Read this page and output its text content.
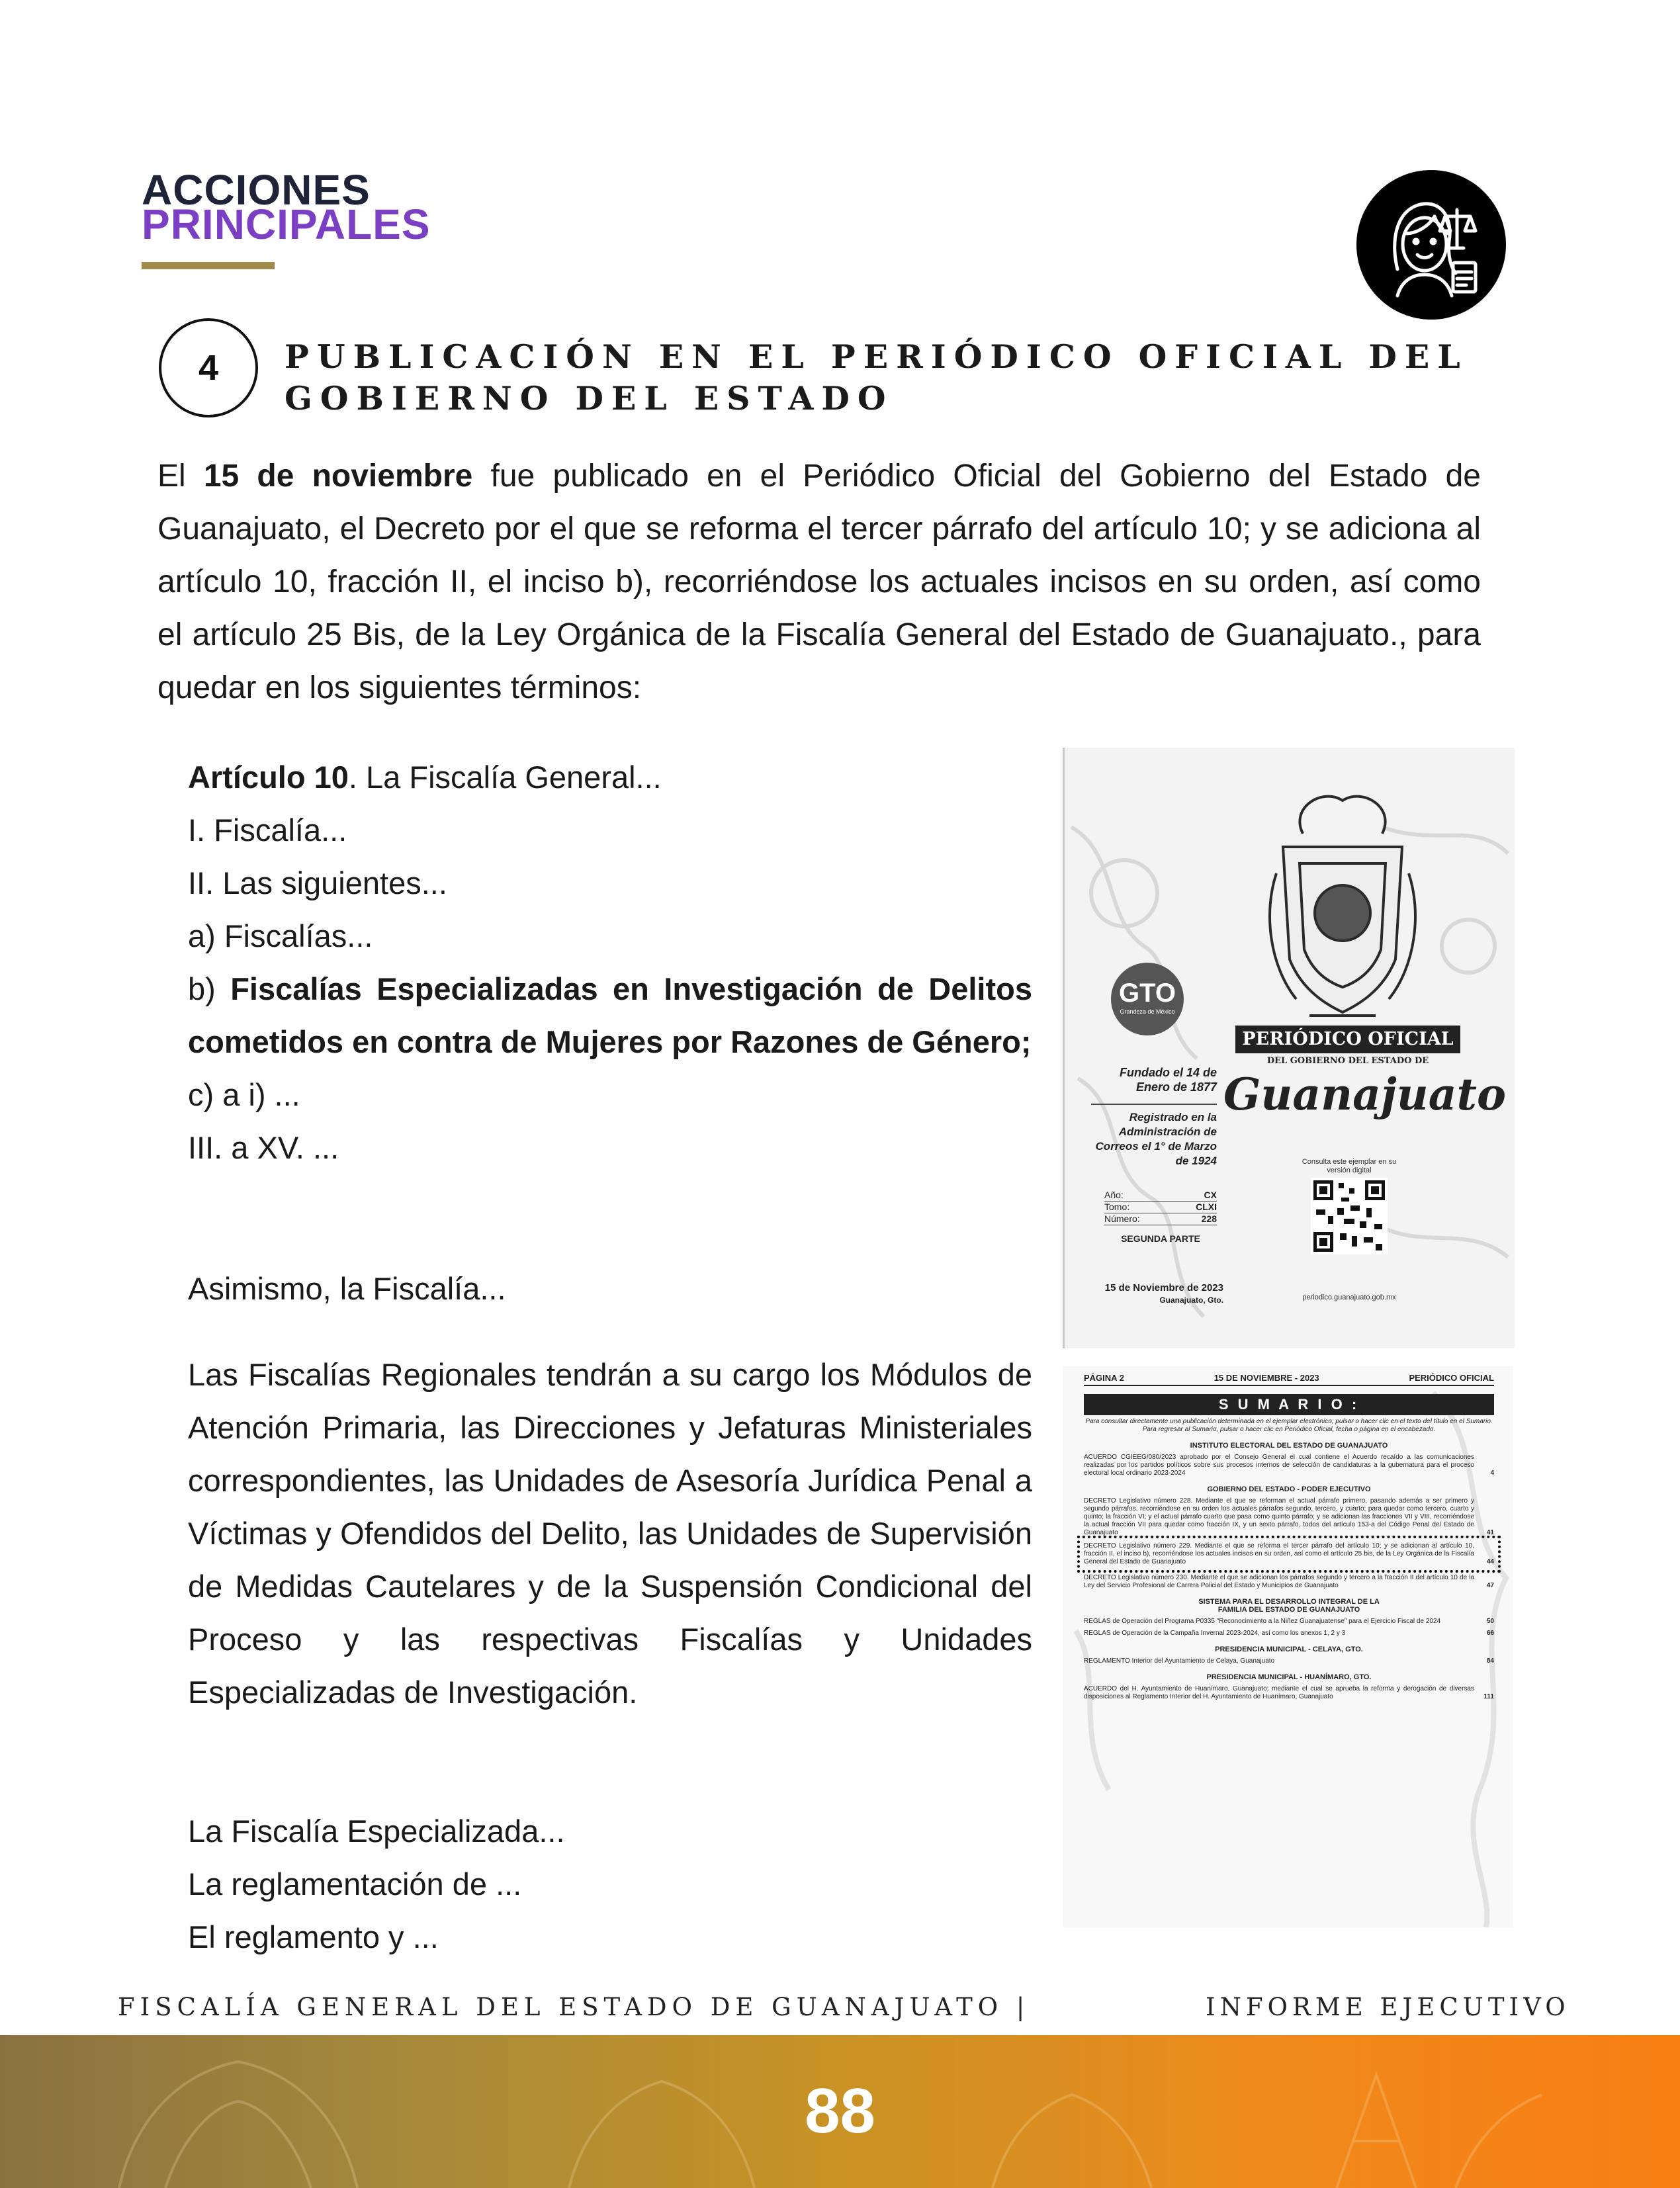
ACCIONES
PRINCIPALES
4	PUBLICACIÓN EN EL PERIÓDICO OFICIAL DEL GOBIERNO DEL ESTADO
El 15 de noviembre fue publicado en el Periódico Oficial del Gobierno del Estado de Guanajuato, el Decreto por el que se reforma el tercer párrafo del artículo 10; y se adiciona al artículo 10, fracción II, el inciso b), recorriéndose los actuales incisos en su orden, así como el artículo 25 Bis, de la Ley Orgánica de la Fiscalía General del Estado de Guanajuato., para quedar en los siguientes términos:

Artículo 10. La Fiscalía General...

I. Fiscalía...

II. Las siguientes...

a) Fiscalías...

b) Fiscalías Especializadas en Investigación de Delitos cometidos en contra de Mujeres por Razones de Género;

c) a i) ...

III. a XV. ...

Asimismo, la Fiscalía...
Las Fiscalías Regionales tendrán a su cargo los Módulos de Atención Primaria, las Direcciones y Jefaturas Ministeriales correspondientes, las Unidades de Asesoría Jurídica Penal a Víctimas y Ofendidos del Delito, las Unidades de Supervisión de Medidas Cautelares y de la Suspensión Condicional del Proceso y las respectivas Fiscalías y Unidades Especializadas de Investigación.

La Fiscalía Especializada...

La reglamentación de ...

El reglamento y ...

GTO
Grandeza de México
Fundado el 14 de Enero de 1877
Registrado en la Administración de Correos el 1° de Marzo de 1924
Año:	CX
Tomo:	CLXI
Número:	228
SEGUNDA PARTE
15 de Noviembre de 2023
Guanajuato, Gto.
PERIÓDICO OFICIAL
DEL GOBIERNO DEL ESTADO DE
Guanajuato
Consulta este ejemplar en su versión digital
periodico.guanajuato.gob.mx
PÁGINA 2	15 DE NOVIEMBRE - 2023	PERIÓDICO OFICIAL
S U M A R I O :
Para consultar directamente una publicación determinada en el ejemplar electrónico, pulsar o hacer clic en el texto del título en el Sumario. Para regresar al Sumario, pulsar o hacer clic en Periódico Oficial, fecha o página en el encabezado.
INSTITUTO ELECTORAL DEL ESTADO DE GUANAJUATO
ACUERDO CGIEEG/080/2023 aprobado por el Consejo General el cual contiene el Acuerdo recaído a las comunicaciones realizadas por los partidos políticos sobre sus procesos internos de selección de candidaturas a la gubernatura para el proceso electoral local ordinario 2023-2024	4
GOBIERNO DEL ESTADO - PODER EJECUTIVO
DECRETO Legislativo número 228. Mediante el que se reforman el actual párrafo primero, pasando además a ser primero y segundo párrafos, recorriéndose en su orden los actuales párrafos segundo, tercero, y cuarto; para quedar como tercero, cuarto y quinto; la fracción VI; y el actual párrafo cuarto que pasa como quinto párrafo; y se adicionan las fracciones VII y VIII, recorriéndose la actual fracción VII para quedar como fracción IX, y un sexto párrafo, todos del artículo 153-a del Código Penal del Estado de Guanajuato	41
DECRETO Legislativo número 229. Mediante el que se reforma el tercer párrafo del artículo 10; y se adicionan al artículo 10, fracción II, el inciso b), recorriéndose los actuales incisos en su orden, así como el artículo 25 bis, de la Ley Orgánica de la Fiscalía General del Estado de Guanajuato	44
DECRETO Legislativo número 230. Mediante el que se adicionan los párrafos segundo y tercero a la fracción II del artículo 10 de la Ley del Servicio Profesional de Carrera Policial del Estado y Municipios de Guanajuato	47
SISTEMA PARA EL DESARROLLO INTEGRAL DE LA FAMILIA DEL ESTADO DE GUANAJUATO
REGLAS de Operación del Programa P0335 "Reconocimiento a la Niñez Guanajuatense" para el Ejercicio Fiscal de 2024	50
REGLAS de Operación de la Campaña Invernal 2023-2024, así como los anexos 1, 2 y 3	66
PRESIDENCIA MUNICIPAL - CELAYA, GTO.
REGLAMENTO Interior del Ayuntamiento de Celaya, Guanajuato	84
PRESIDENCIA MUNICIPAL - HUANÍMARO, GTO.
ACUERDO del H. Ayuntamiento de Huanímaro, Guanajuato; mediante el cual se aprueba la reforma y derogación de diversas disposiciones al Reglamento Interior del H. Ayuntamiento de Huanímaro, Guanajuato	111
FISCALÍA GENERAL DEL ESTADO DE GUANAJUATO |	INFORME EJECUTIVO
88
